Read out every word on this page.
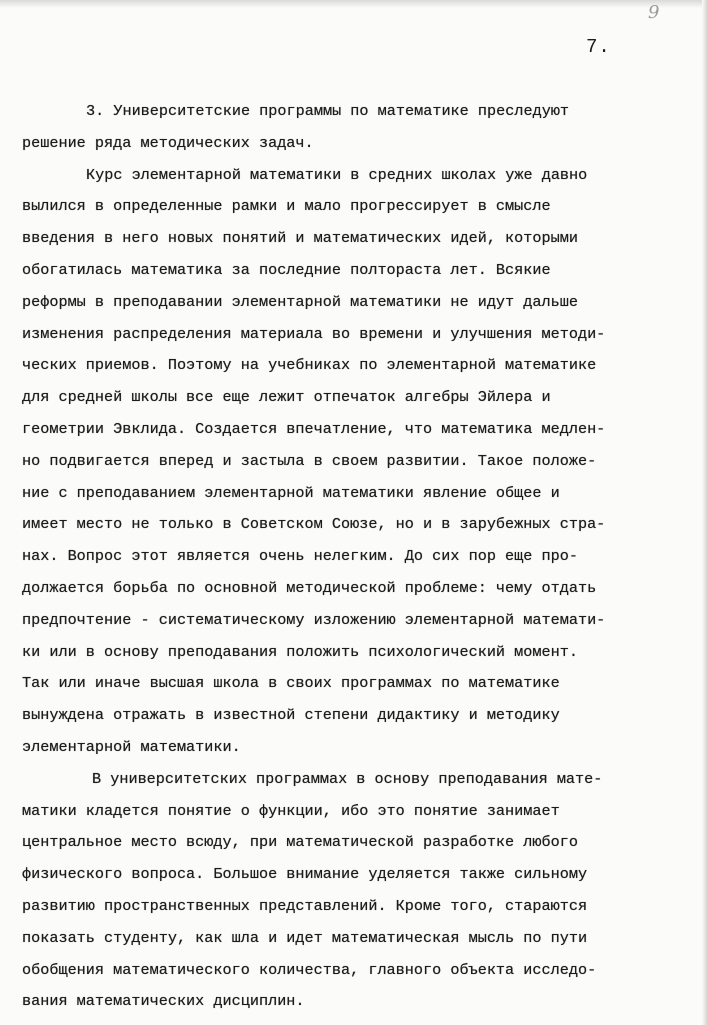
9
7.
3. Университетские программы по математике преследуют
решение ряда методических задач.
Курс элементарной математики в средних школах уже давно
вылился в определенные рамки и мало прогрессирует в смысле
введения в него новых понятий и математических идей, которыми
обогатилась математика за последние полтораста лет. Всякие
реформы в преподавании элементарной математики не идут дальше
изменения распределения материала во времени и улучшения методи-
ческих приемов. Поэтому на учебниках по элементарной математике
для средней школы все еще лежит отпечаток алгебры Эйлера и
геометрии Эвклида. Создается впечатление, что математика медлен-
но подвигается вперед и застыла в своем развитии. Такое положе-
ние с преподаванием элементарной математики явление общее и
имеет место не только в Советском Союзе, но и в зарубежных стра-
нах. Вопрос этот является очень нелегким. До сих пор еще про-
должается борьба по основной методической проблеме: чему отдать
предпочтение - систематическому изложению элементарной математи-
ки или в основу преподавания положить психологический момент.
Так или иначе высшая школа в своих программах по математике
вынуждена отражать в известной степени дидактику и методику
элементарной математики.
В университетских программах в основу преподавания мате-
матики кладется понятие о функции, ибо это понятие занимает
центральное место всюду, при математической разработке любого
физического вопроса. Большое внимание уделяется также сильному
развитию пространственных представлений. Кроме того, стараются
показать студенту, как шла и идет математическая мысль по пути
обобщения математического количества, главного объекта исследо-
вания математических дисциплин.
